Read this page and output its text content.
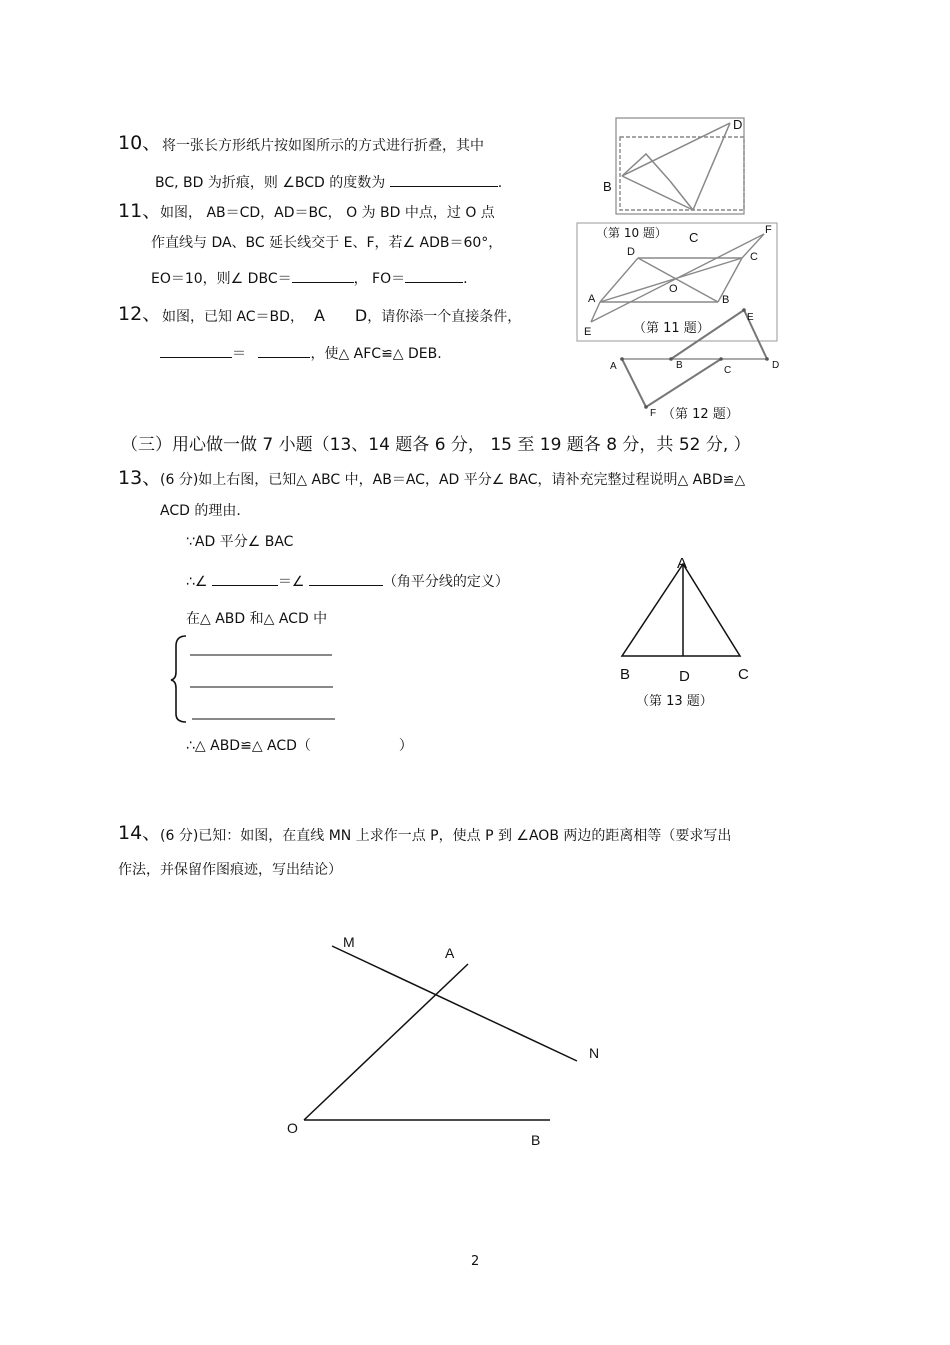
10、 将一张长方形纸片按如图所示的方式进行折叠，其中
BC, BD 为折痕，则 ∠BCD 的度数为	.
11、
如图， AB＝CD，AD＝BC， O 为 BD 中点，过 O 点
作直线与 DA、BC 延长线交于 E、F，若∠ ADB＝60°，
EO＝10，则∠ DBC＝	， FO＝	.
12、 如图，已知 AC＝BD， A D，请你添一个直接条件，
＝	，使△ AFC≌△ DEB.
（三）用心做一做 7 小题（13、14 题各 6 分， 15 至 19 题各 8 分，共 52 分, ）
13、
(6 分)如上右图，已知△ ABC 中，AB＝AC，AD 平分∠ BAC，请补充完整过程说明△ ABD≌△
ACD 的理由.
∵AD 平分∠ BAC
∴∠	＝∠	（角平分线的定义）
在△ ABD 和△ ACD 中
∴△ ABD≌△ ACD（	）
14、
(6 分)已知：如图，在直线 MN 上求作一点 P，使点 P 到 ∠AOB 两边的距离相等（要求写出
作法，并保留作图痕迹，写出结论）
D
B
（第 10 题） C	F
D	C
A
O
B
E	（第 11 题）
E
A	B	C	D
F （第 12 题）
A
B	D	C
（第 13 题）
M
A
N
O
B
2
